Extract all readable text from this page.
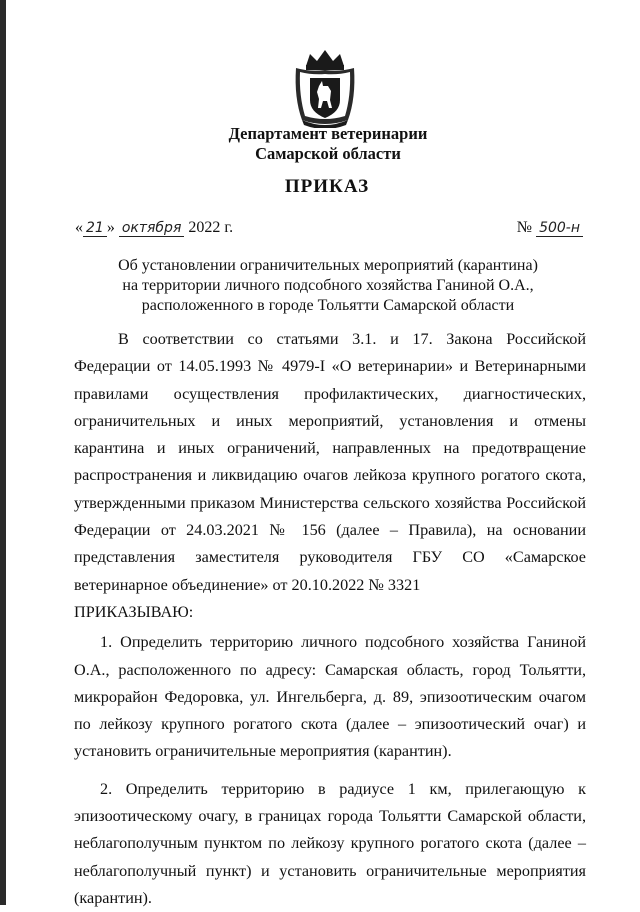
Департамент ветеринарии
Самарской области
ПРИКАЗ
« 21 » октября 2022 г.	№ 500-н
Об установлении ограничительных мероприятий (карантина)
на территории личного подсобного хозяйства Ганиной О.А.,
расположенного в городе Тольятти Самарской области

В соответствии со статьями 3.1. и 17. Закона Российской Федерации от 14.05.1993 № 4979-I «О ветеринарии» и Ветеринарными правилами осуществления профилактических, диагностических, ограничительных и иных мероприятий, установления и отмены карантина и иных ограничений, направленных на предотвращение распространения и ликвидацию очагов лейкоза крупного рогатого скота, утвержденными приказом Министерства сельского хозяйства Российской Федерации от 24.03.2021 № 156 (далее – Правила), на основании представления заместителя руководителя ГБУ СО «Самарское ветеринарное объединение» от 20.10.2022 № 3321

ПРИКАЗЫВАЮ:

1. Определить территорию личного подсобного хозяйства Ганиной О.А., расположенного по адресу: Самарская область, город Тольятти, микрорайон Федоровка, ул. Ингельберга, д. 89, эпизоотическим очагом по лейкозу крупного рогатого скота (далее – эпизоотический очаг) и установить ограничительные мероприятия (карантин).

2. Определить территорию в радиусе 1 км, прилегающую к эпизоотическому очагу, в границах города Тольятти Самарской области, неблагополучным пунктом по лейкозу крупного рогатого скота (далее – неблагополучный пункт) и установить ограничительные мероприятия (карантин).
